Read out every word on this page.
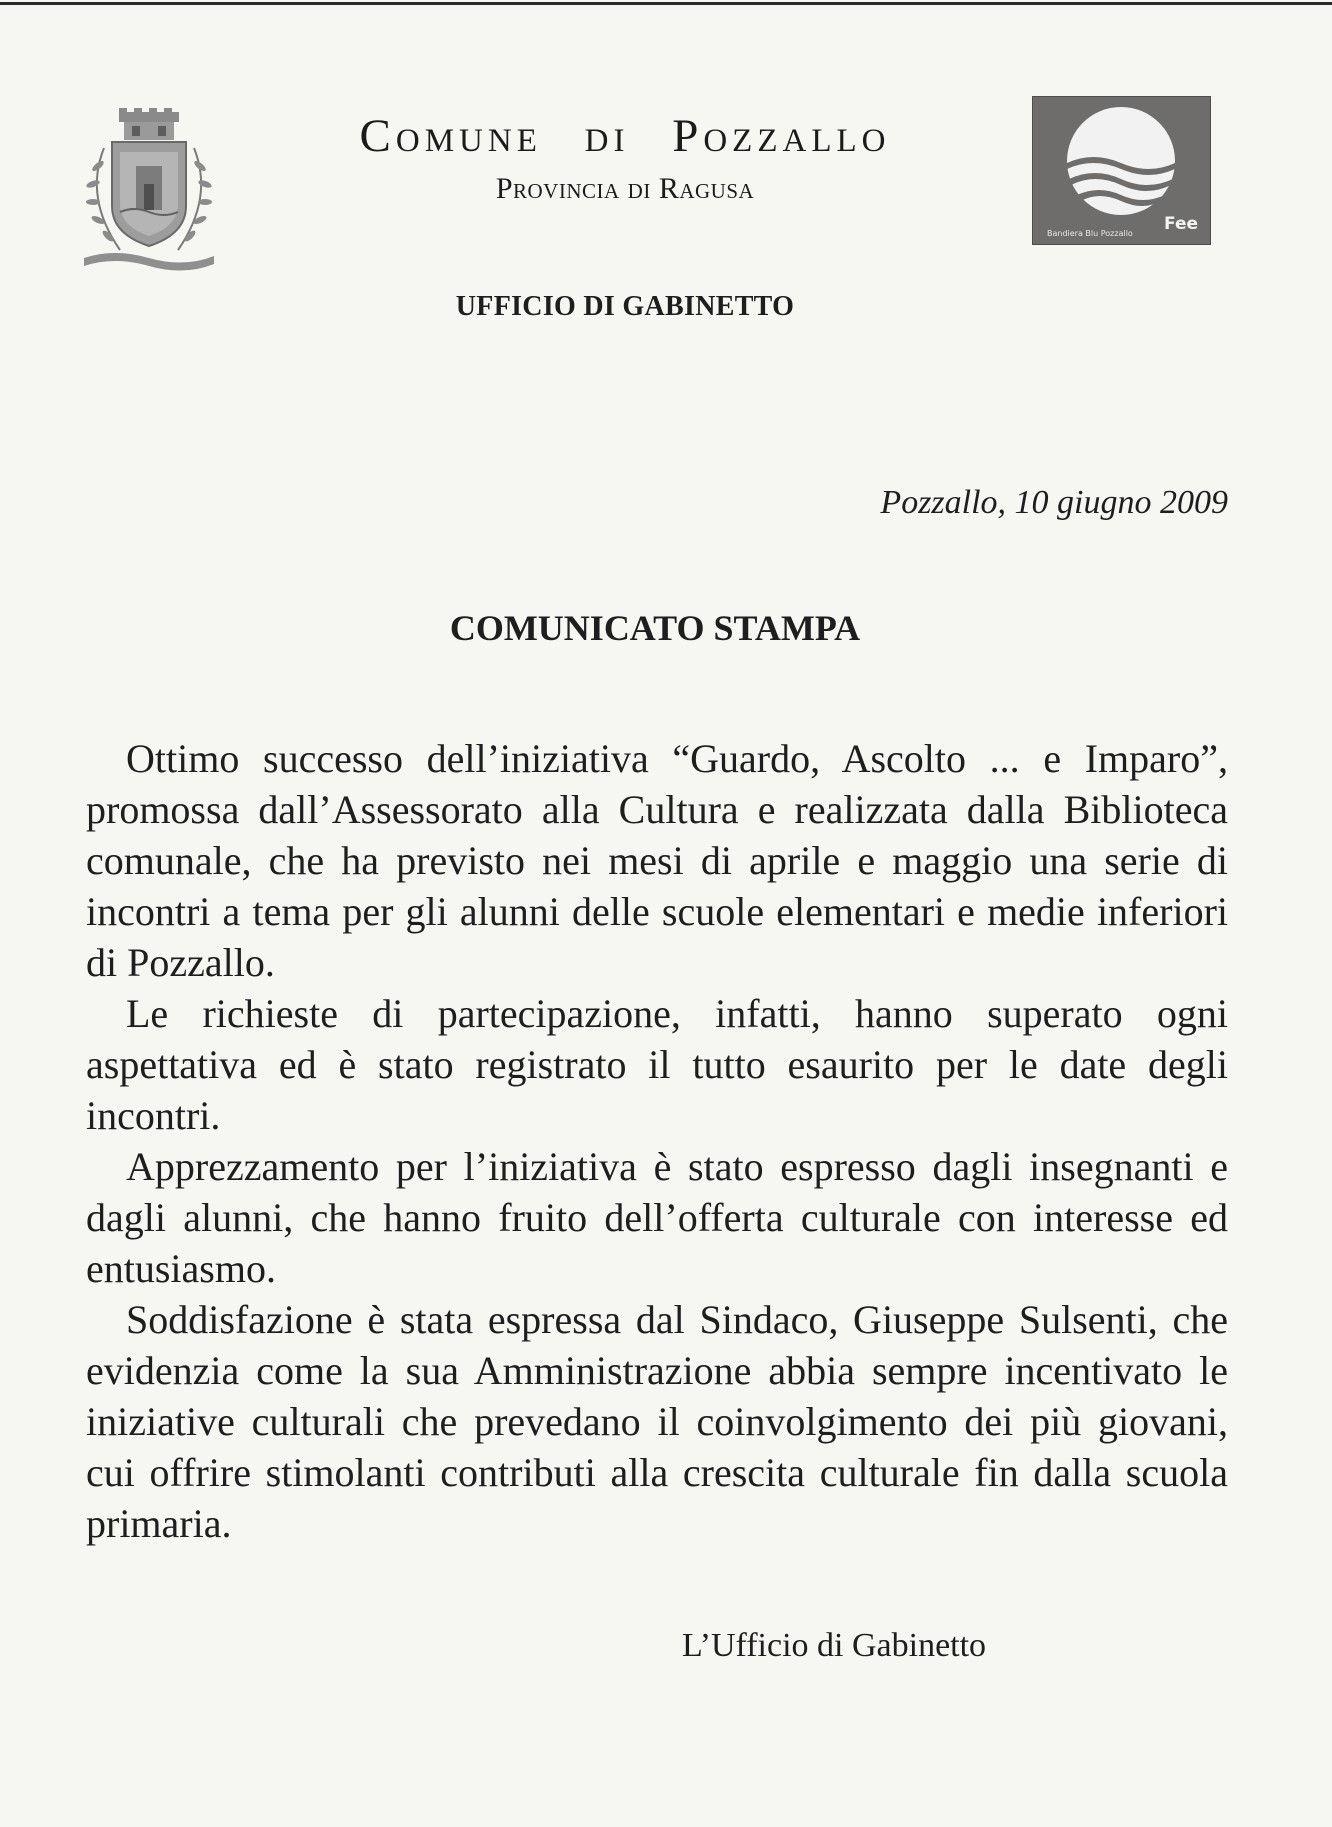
Comune di Pozzallo
Provincia di Ragusa
UFFICIO DI GABINETTO
Bandiera Blu Pozzallo Fee
Pozzallo, 10 giugno 2009
COMUNICATO STAMPA

Ottimo successo dell’iniziativa “Guardo, Ascolto ... e Imparo”, promossa dall’Assessorato alla Cultura e realizzata dalla Biblioteca comunale, che ha previsto nei mesi di aprile e maggio una serie di incontri a tema per gli alunni delle scuole elementari e medie inferiori di Pozzallo.

Le richieste di partecipazione, infatti, hanno superato ogni aspettativa ed è stato registrato il tutto esaurito per le date degli incontri.

Apprezzamento per l’iniziativa è stato espresso dagli insegnanti e dagli alunni, che hanno fruito dell’offerta culturale con interesse ed entusiasmo.

Soddisfazione è stata espressa dal Sindaco, Giuseppe Sulsenti, che evidenzia come la sua Amministrazione abbia sempre incentivato le iniziative culturali che prevedano il coinvolgimento dei più giovani, cui offrire stimolanti contributi alla crescita culturale fin dalla scuola primaria.

L’Ufficio di Gabinetto
